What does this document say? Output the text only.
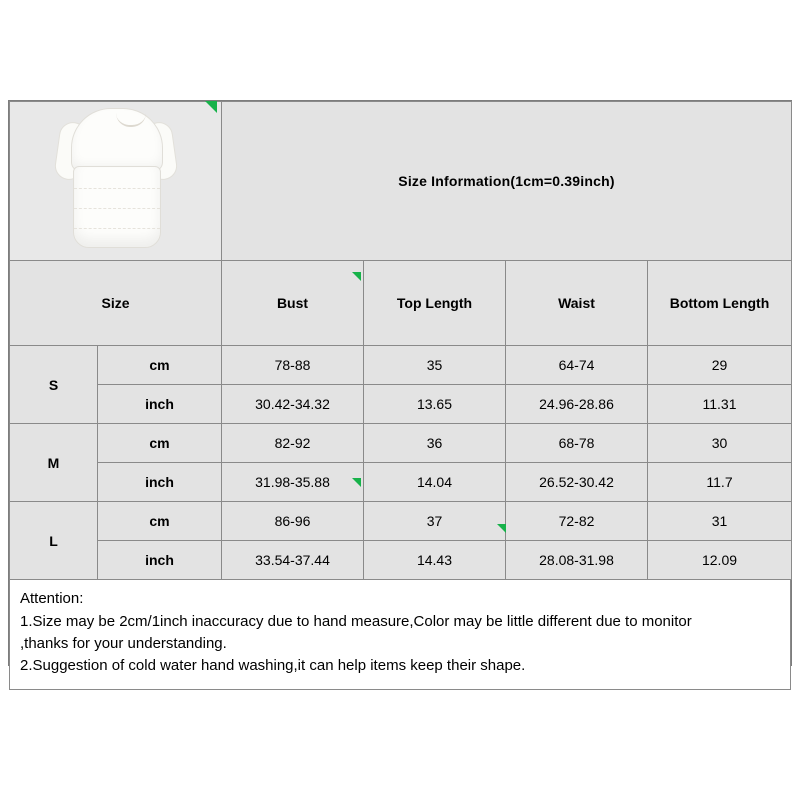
		Size Information(1cm=0.39inch)			
Size		Bust	Top Length	Waist	Bottom Length
S	cm	78-88	35	64-74	29
	inch	30.42-34.32	13.65	24.96-28.86	11.31
M	cm	82-92	36	68-78	30
	inch	31.98-35.88	14.04	26.52-30.42	11.7
L	cm	86-96	37	72-82	31
	inch	33.54-37.44	14.43	28.08-31.98	12.09
Attention:
1.Size may be 2cm/1inch inaccuracy due to hand measure,Color may be little different due to monitor
,thanks for your understanding.
2.Suggestion of cold water hand washing,it can help items keep their shape.
